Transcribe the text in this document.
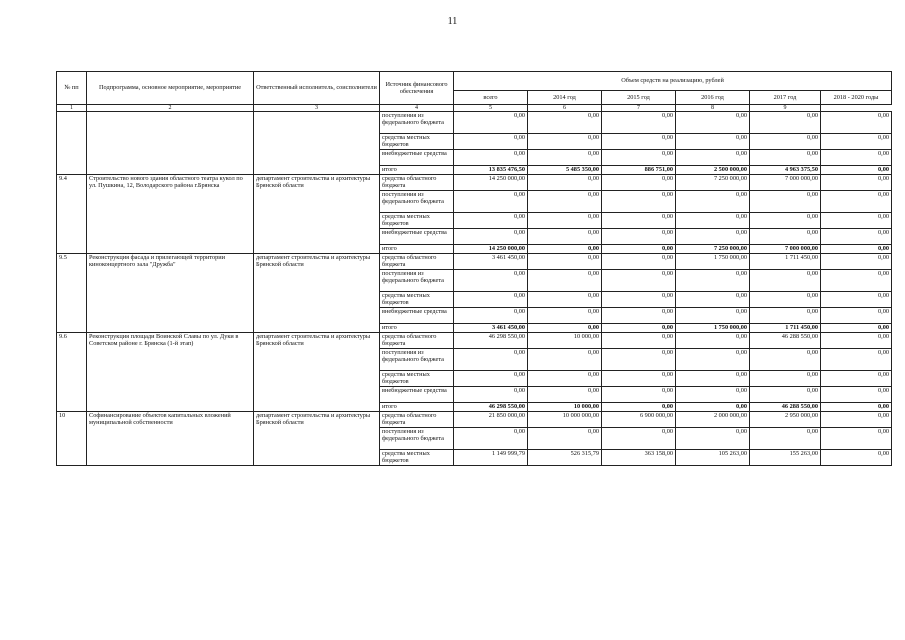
11
№ пп	Подпрограмма, основное мероприятие, мероприятие	Ответственный исполнитель, соисполнители	Источник финансового обеспечения	Объем средств на реализацию, рублей					
				всего	2014 год	2015 год	2016 год	2017 год	2018 - 2020 годы
1	2	3	4	5	6	7	8	9	
			поступления из федерального бюджета	0,00	0,00	0,00	0,00	0,00	0,00
			средства местных бюджетов	0,00	0,00	0,00	0,00	0,00	0,00
			внебюджетные средства	0,00	0,00	0,00	0,00	0,00	0,00
			итого	13 835 476,50	5 485 350,00	886 751,00	2 500 000,00	4 963 375,50	0,00
9.4	Строительство нового здания областного театра кукол по ул. Пушкина, 12, Володарского района г.Брянска	департамент строительства и архитектуры Брянской области	средства областного бюджета	14 250 000,00	0,00	0,00	7 250 000,00	7 000 000,00	0,00
			поступления из федерального бюджета	0,00	0,00	0,00	0,00	0,00	0,00
			средства местных бюджетов	0,00	0,00	0,00	0,00	0,00	0,00
			внебюджетные средства	0,00	0,00	0,00	0,00	0,00	0,00
			итого	14 250 000,00	0,00	0,00	7 250 000,00	7 000 000,00	0,00
9.5	Реконструкция фасада и прилегающей территории киноконцертного зала "Дружба"	департамент строительства и архитектуры Брянской области	средства областного бюджета	3 461 450,00	0,00	0,00	1 750 000,00	1 711 450,00	0,00
			поступления из федерального бюджета	0,00	0,00	0,00	0,00	0,00	0,00
			средства местных бюджетов	0,00	0,00	0,00	0,00	0,00	0,00
			внебюджетные средства	0,00	0,00	0,00	0,00	0,00	0,00
			итого	3 461 450,00	0,00	0,00	1 750 000,00	1 711 450,00	0,00
9.6	Реконструкция площади Воинской Славы по ул. Дуки в Советском районе г. Брянска (1-й этап)	департамент строительства и архитектуры Брянской области	средства областного бюджета	46 298 550,00	10 000,00	0,00	0,00	46 288 550,00	0,00
			поступления из федерального бюджета	0,00	0,00	0,00	0,00	0,00	0,00
			средства местных бюджетов	0,00	0,00	0,00	0,00	0,00	0,00
			внебюджетные средства	0,00	0,00	0,00	0,00	0,00	0,00
			итого	46 298 550,00	10 000,00	0,00	0,00	46 288 550,00	0,00
10	Софинансирование объектов капитальных вложений муниципальной собственности	департамент строительства и архитектуры Брянской области	средства областного бюджета	21 850 000,00	10 000 000,00	6 900 000,00	2 000 000,00	2 950 000,00	0,00
			поступления из федерального бюджета	0,00	0,00	0,00	0,00	0,00	0,00
			средства местных бюджетов	1 149 999,79	526 315,79	363 158,00	105 263,00	155 263,00	0,00
